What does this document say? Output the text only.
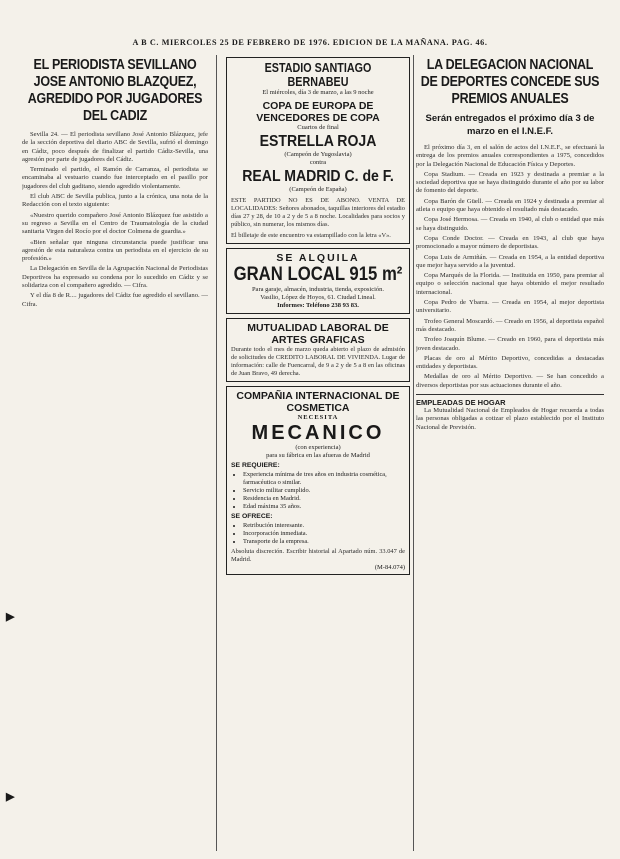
A B C. MIERCOLES 25 DE FEBRERO DE 1976. EDICION DE LA MAÑANA. PAG. 46.
EL PERIODISTA SEVILLANO JOSE ANTONIO BLAZQUEZ, AGREDIDO POR JUGADORES DEL CADIZ

Sevilla 24. — El periodista sevillano José Antonio Blázquez, jefe de la sección deportiva del diario ABC de Sevilla, sufrió el domingo en Cádiz, poco después de finalizar el partido Cádiz-Sevilla, una agresión por parte de jugadores del Cádiz.

Terminado el partido, el Ramón de Carranza, el periodista se encaminaba al vestuario cuando fue interceptado en el pasillo por jugadores del club gaditano, siendo agredido violentamente.

El club ABC de Sevilla publica, junto a la crónica, una nota de la Redacción con el texto siguiente:

«Nuestro querido compañero José Antonio Blázquez fue asistido a su regreso a Sevilla en el Centro de Traumatología de la ciudad sanitaria Virgen del Rocío por el doctor Colmena de guardia.»

«Bien señalar que ninguna circunstancia puede justificar una agresión de esta naturaleza contra un periodista en el ejercicio de su profesión.»

La Delegación en Sevilla de la Agrupación Nacional de Periodistas Deportivos ha expresado su condena por lo sucedido en Cádiz y se solidariza con el compañero agredido. — Cifra.

Y el día 8 de R.... jugadores del Cádiz fue agredido el sevillano. — Cifra.

ESTADIO SANTIAGO BERNABEU
El miércoles, día 3 de marzo, a las 9 noche
COPA DE EUROPA DE VENCEDORES DE COPA
Cuartos de final
ESTRELLA ROJA
(Campeón de Yugoslavia)
contra
REAL MADRID C. de F.
(Campeón de España)
ESTE PARTIDO NO ES DE ABONO. VENTA DE LOCALIDADES: Señores abonados, taquillas interiores del estadio días 27 y 28, de 10 a 2 y de 5 a 8 noche. Localidades para socios y público, sin numerar, los mismos días.
El billetaje de este encuentro va estampillado con la letra «V».
SE ALQUILA
GRAN LOCAL 915 m²
Para garaje, almacén, industria, tienda, exposición.
Vasilio, López de Hoyos, 61. Ciudad Lineal.
Informes: Teléfono 238 93 83.
MUTUALIDAD LABORAL DE ARTES GRAFICAS
Durante todo el mes de marzo queda abierto el plazo de admisión de solicitudes de CREDITO LABORAL DE VIVIENDA. Lugar de información: calle de Fuencarral, de 9 a 2 y de 5 a 8 en las oficinas de Juan Bravo, 49 derecha.
COMPAÑIA INTERNACIONAL DE COSMETICA
NECESITA
MECANICO
(con experiencia)
para su fábrica en las afueras de Madrid
SE REQUIERE:
• Experiencia mínima de tres años en industria cosmética, farmacéutica o similar.
• Servicio militar cumplido.
• Residencia en Madrid.
• Edad máxima 35 años.
SE OFRECE:
• Retribución interesante.
• Incorporación inmediata.
• Transporte de la empresa.
Absoluta discreción. Escribir historial al Apartado núm. 33.047 de Madrid.
(M-84.074)
LA DELEGACION NACIONAL DE DEPORTES CONCEDE SUS PREMIOS ANUALES
Serán entregados el próximo día 3 de marzo en el I.N.E.F.

El próximo día 3, en el salón de actos del I.N.E.F., se efectuará la entrega de los premios anuales correspondientes a 1975, concedidos por la Delegación Nacional de Educación Física y Deportes.

Copa Stadium. — Creada en 1923 y destinada a premiar a la sociedad deportiva que se haya distinguido durante el año por su labor de fomento del deporte.

Copa Barón de Güell. — Creada en 1924 y destinada a premiar al atleta o equipo que haya obtenido el resultado más destacado.

Copa José Hermosa. — Creada en 1940, al club o entidad que más se haya distinguido.

Copa Conde Doctor. — Creada en 1943, al club que haya promocionado a mayor número de deportistas.

Copa Luis de Armiñán. — Creada en 1954, a la entidad deportiva que mejor haya servido a la juventud.

Copa Marqués de la Florida. — Instituida en 1950, para premiar al equipo o selección nacional que haya obtenido el mejor resultado internacional.

Copa Pedro de Ybarra. — Creada en 1954, al mejor deportista universitario.

Trofeo General Moscardó. — Creado en 1956, al deportista español más destacado.

Trofeo Joaquín Blume. — Creado en 1960, para el deportista más joven destacado.

Placas de oro al Mérito Deportivo, concedidas a destacadas entidades y deportistas.

Medallas de oro al Mérito Deportivo. — Se han concedido a diversos deportistas por sus actuaciones durante el año.

EMPLEADAS DE HOGAR

La Mutualidad Nacional de Empleados de Hogar recuerda a todas las personas obligadas a cotizar el plazo establecido por el Instituto Nacional de Previsión.

▶
▶
